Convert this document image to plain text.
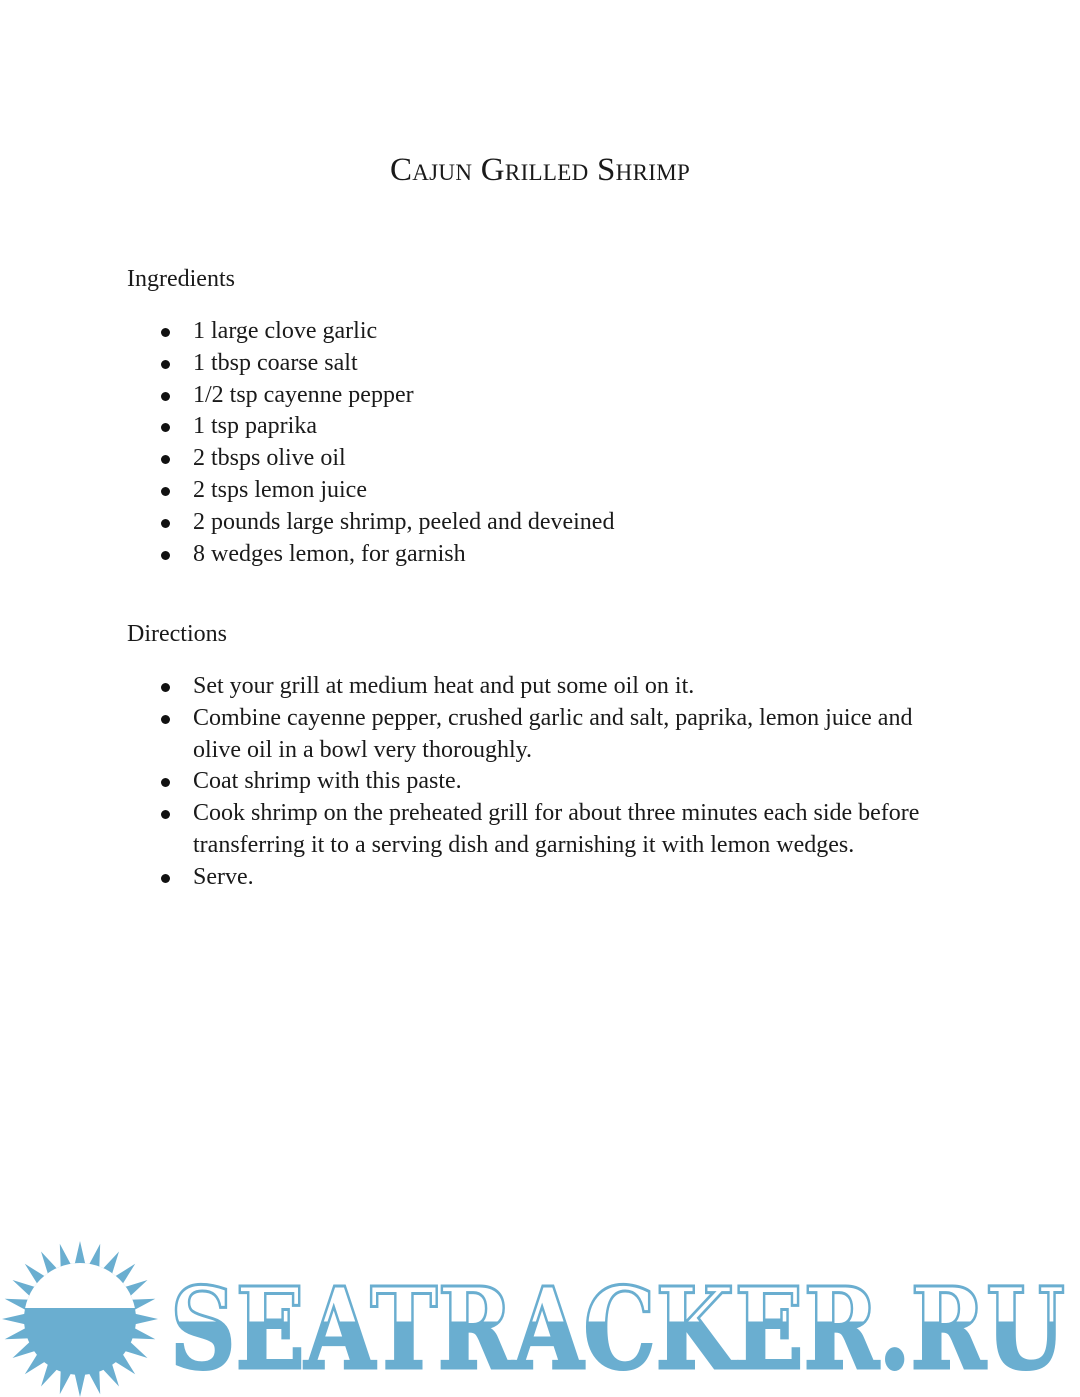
Cajun Grilled Shrimp
Ingredients
1 large clove garlic
1 tbsp coarse salt
1/2 tsp cayenne pepper
1 tsp paprika
2 tbsps olive oil
2 tsps lemon juice
2 pounds large shrimp, peeled and deveined
8 wedges lemon, for garnish
Directions
Set your grill at medium heat and put some oil on it.
Combine cayenne pepper, crushed garlic and salt, paprika, lemon juice and olive oil in a bowl very thoroughly.
Coat shrimp with this paste.
Cook shrimp on the preheated grill for about three minutes each side before transferring it to a serving dish and garnishing it with lemon wedges.
Serve.
SEATRACKER.RU
